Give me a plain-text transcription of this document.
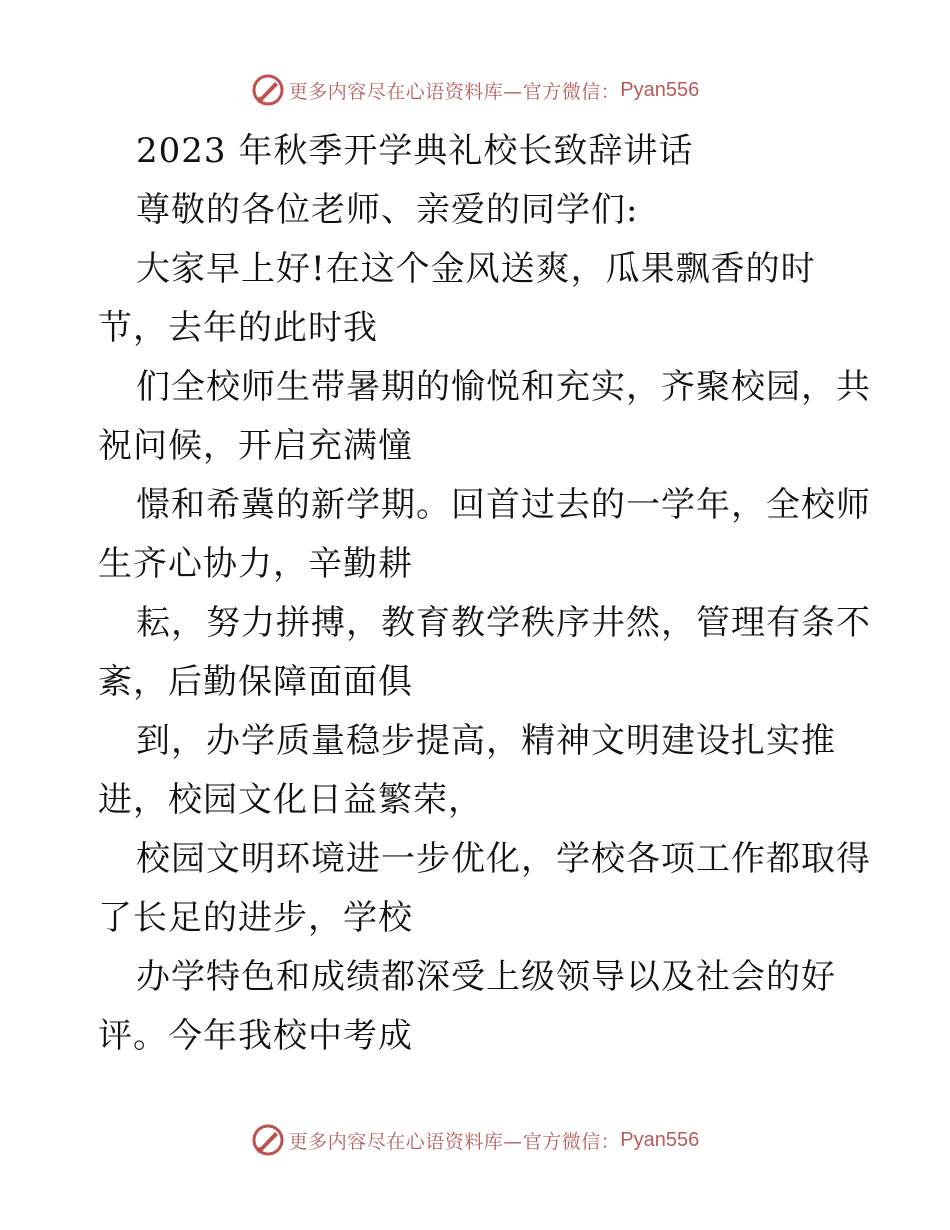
更多内容尽在心语资料库—官方微信： Pyan556
2023 年秋季开学典礼校长致辞讲话
尊敬的各位老师、亲爱的同学们:
大家早上好!在这个金风送爽，瓜果飘香的时
节，去年的此时我
们全校师生带暑期的愉悦和充实，齐聚校园，共
祝问候，开启充满憧
憬和希冀的新学期。回首过去的一学年，全校师
生齐心协力，辛勤耕
耘，努力拼搏，教育教学秩序井然，管理有条不
紊，后勤保障面面俱
到，办学质量稳步提高，精神文明建设扎实推
进，校园文化日益繁荣，
校园文明环境进一步优化，学校各项工作都取得
了长足的进步，学校
办学特色和成绩都深受上级领导以及社会的好
评。今年我校中考成
更多内容尽在心语资料库—官方微信： Pyan556
